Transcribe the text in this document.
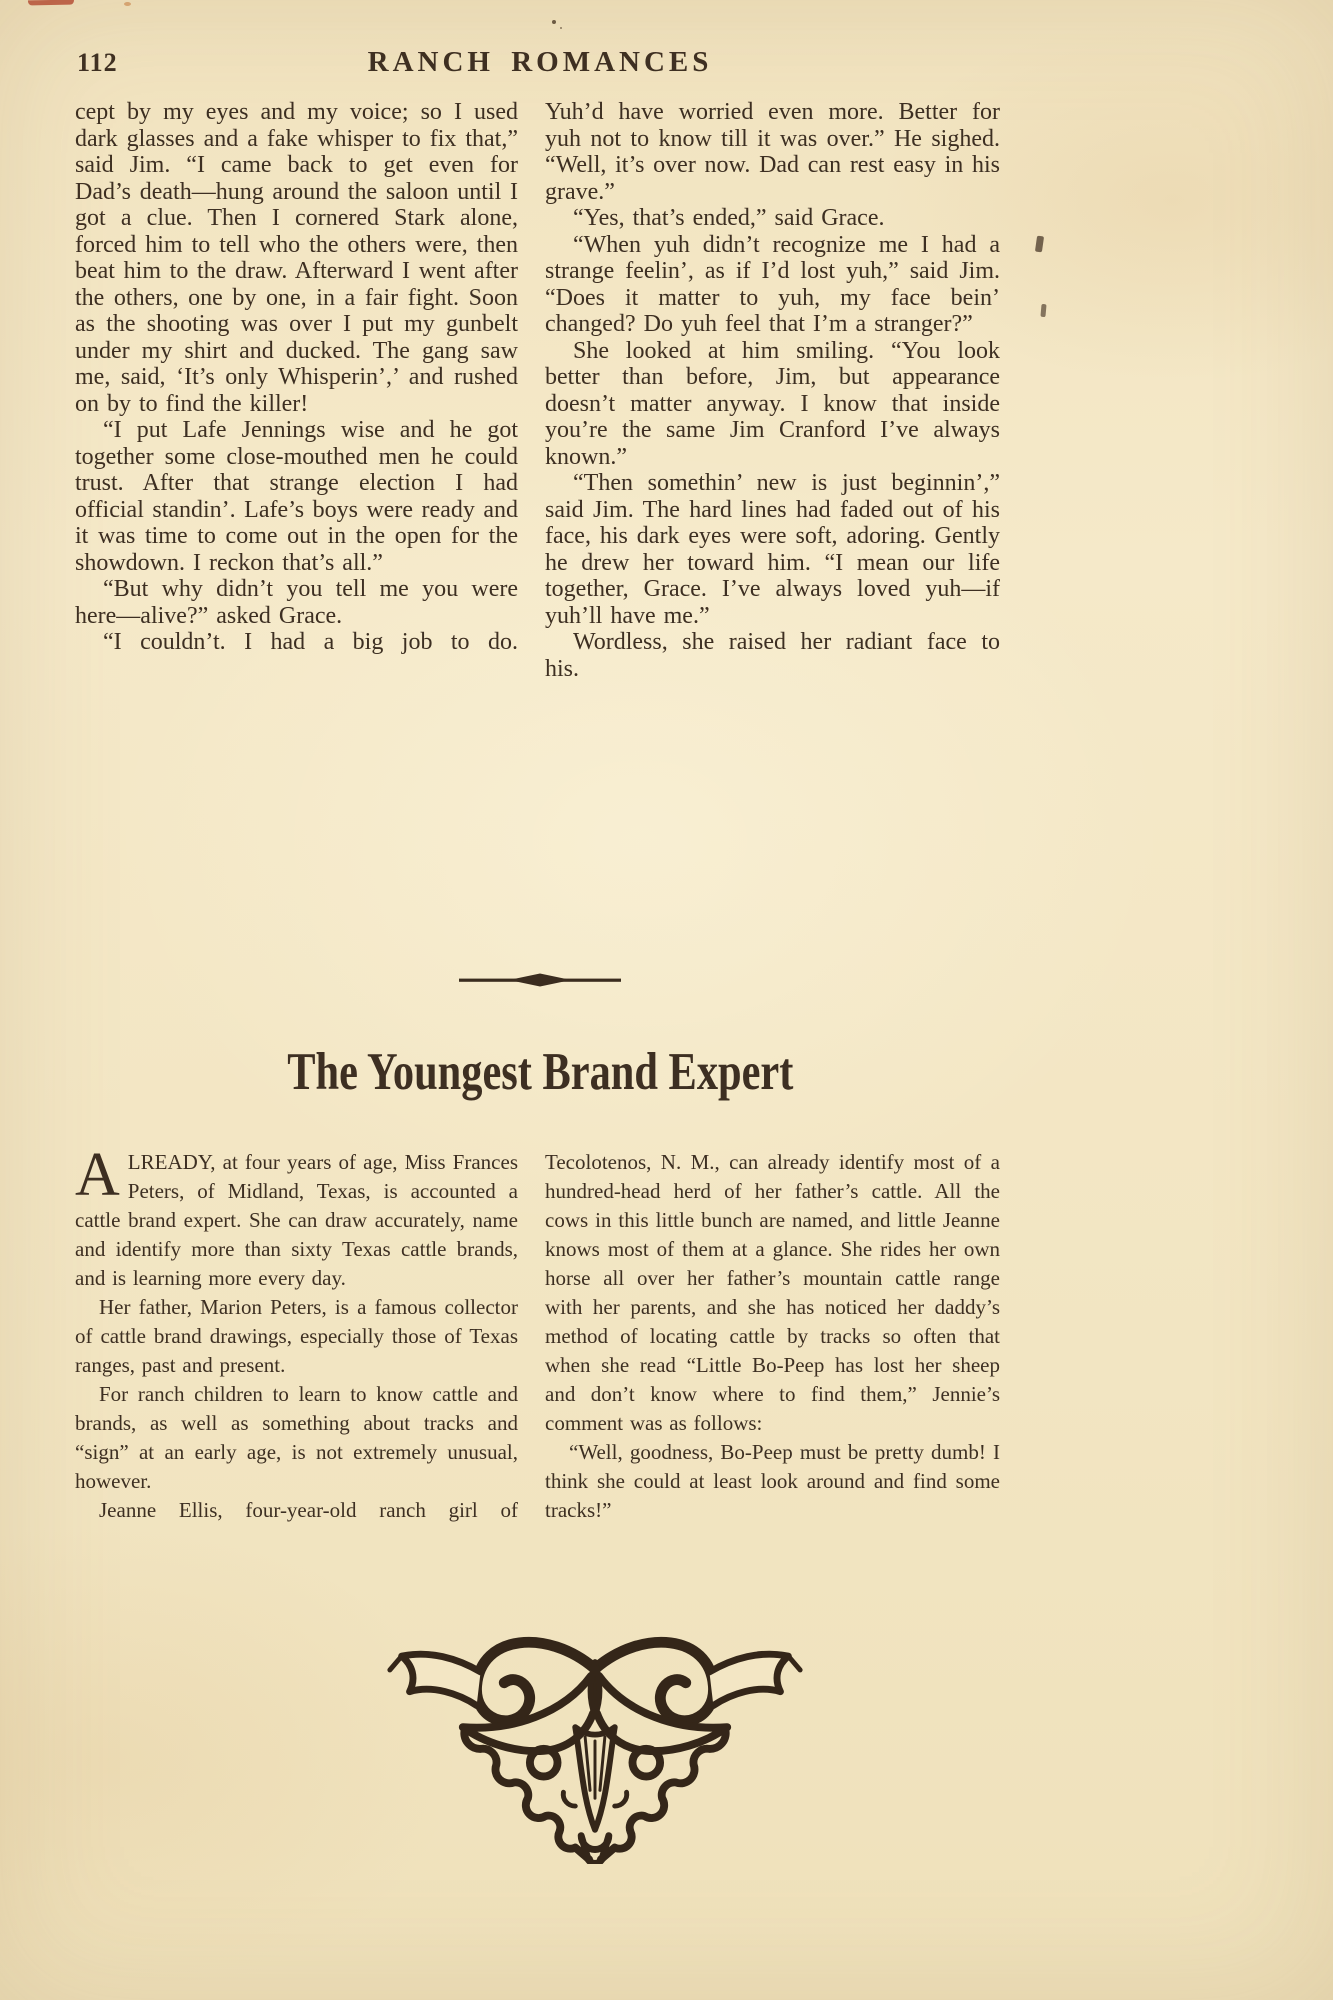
112	RANCH ROMANCES

cept by my eyes and my voice; so I used dark glasses and a fake whisper to fix that,” said Jim. “I came back to get even for Dad’s death—hung around the saloon until I got a clue. Then I cornered Stark alone, forced him to tell who the others were, then beat him to the draw. Afterward I went after the others, one by one, in a fair fight. Soon as the shooting was over I put my gunbelt under my shirt and ducked. The gang saw me, said, ‘It’s only Whisperin’,’ and rushed on by to find the killer!

“I put Lafe Jennings wise and he got together some close-mouthed men he could trust. After that strange election I had official standin’. Lafe’s boys were ready and it was time to come out in the open for the showdown. I reckon that’s all.”

“But why didn’t you tell me you were here—alive?” asked Grace.

“I couldn’t. I had a big job to do.

Yuh’d have worried even more. Better for yuh not to know till it was over.” He sighed. “Well, it’s over now. Dad can rest easy in his grave.”

“Yes, that’s ended,” said Grace.

“When yuh didn’t recognize me I had a strange feelin’, as if I’d lost yuh,” said Jim. “Does it matter to yuh, my face bein’ changed? Do yuh feel that I’m a stranger?”

She looked at him smiling. “You look better than before, Jim, but appearance doesn’t matter anyway. I know that inside you’re the same Jim Cranford I’ve always known.”

“Then somethin’ new is just beginnin’,” said Jim. The hard lines had faded out of his face, his dark eyes were soft, adoring. Gently he drew her toward him. “I mean our life together, Grace. I’ve always loved yuh—if yuh’ll have me.”

Wordless, she raised her radiant face to his.

The Youngest Brand Expert

ALREADY, at four years of age, Miss Frances Peters, of Midland, Texas, is accounted a cattle brand expert. She can draw accurately, name and identify more than sixty Texas cattle brands, and is learning more every day.

Her father, Marion Peters, is a famous collector of cattle brand drawings, especially those of Texas ranges, past and present.

For ranch children to learn to know cattle and brands, as well as something about tracks and “sign” at an early age, is not extremely unusual, however.

Jeanne Ellis, four-year-old ranch girl of

Tecolotenos, N. M., can already identify most of a hundred-head herd of her father’s cattle. All the cows in this little bunch are named, and little Jeanne knows most of them at a glance. She rides her own horse all over her father’s mountain cattle range with her parents, and she has noticed her daddy’s method of locating cattle by tracks so often that when she read “Little Bo-Peep has lost her sheep and don’t know where to find them,” Jennie’s comment was as follows:

“Well, goodness, Bo-Peep must be pretty dumb! I think she could at least look around and find some tracks!”
